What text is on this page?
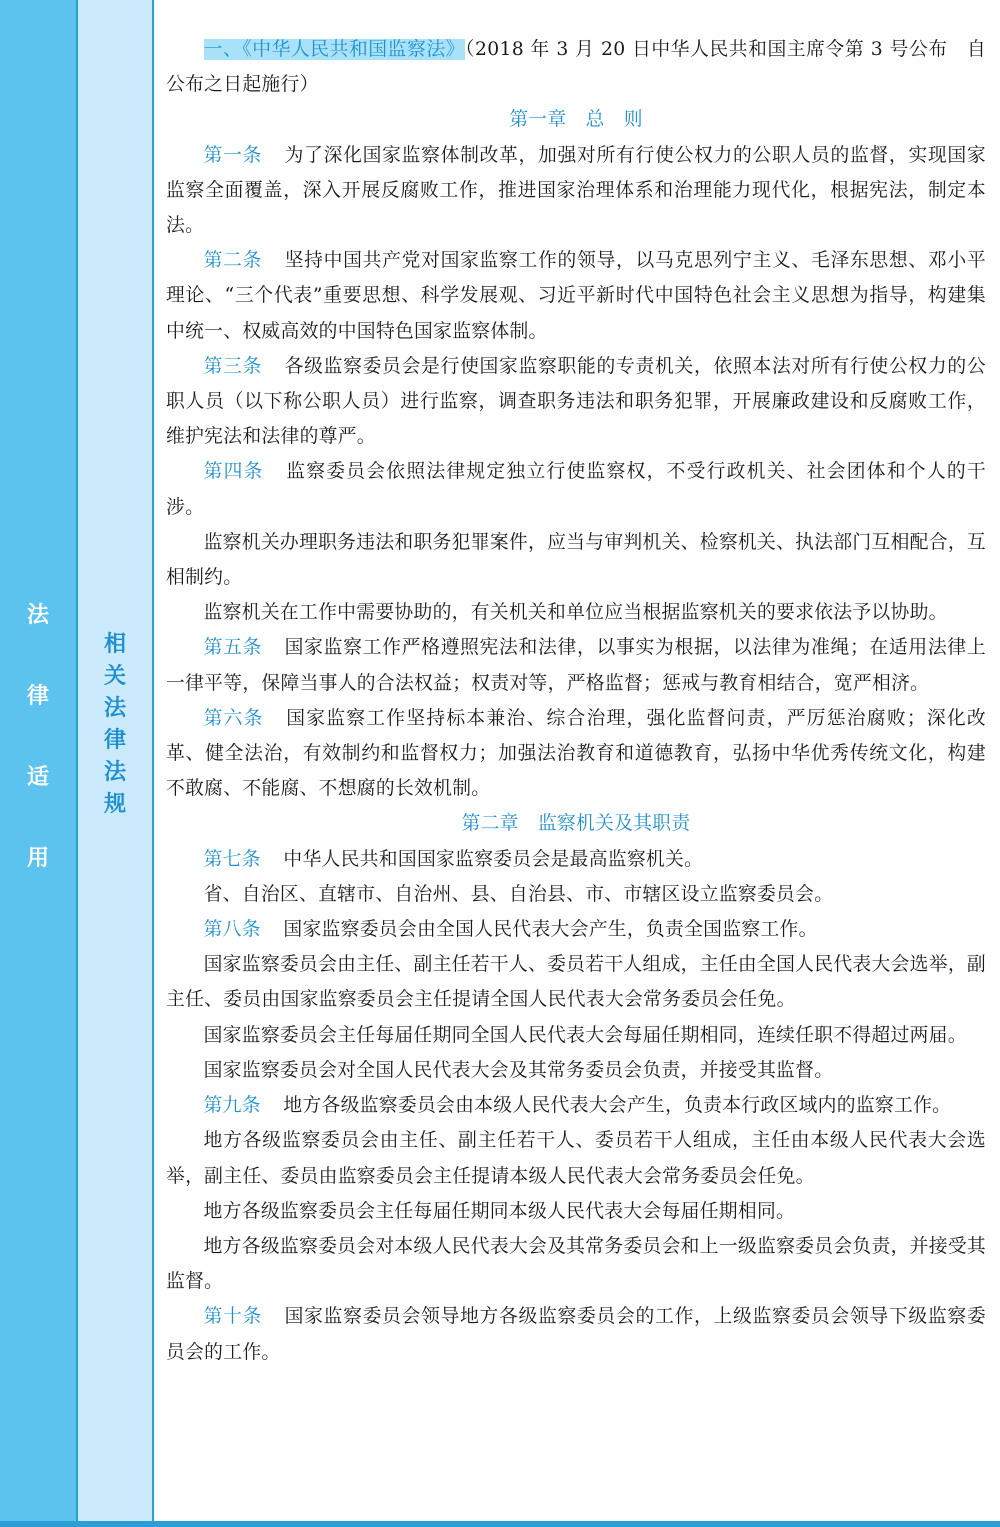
法
律
适
用
相
关
法
律
法
规

一、《中华人民共和国监察法》（2018 年 3 月 20 日中华人民共和国主席令第 3 号公布　自公布之日起施行）

第一章　总　则

第一条 为了深化国家监察体制改革，加强对所有行使公权力的公职人员的监督，实现国家监察全面覆盖，深入开展反腐败工作，推进国家治理体系和治理能力现代化，根据宪法，制定本法。

第二条 坚持中国共产党对国家监察工作的领导，以马克思列宁主义、毛泽东思想、邓小平理论、“三个代表”重要思想、科学发展观、习近平新时代中国特色社会主义思想为指导，构建集中统一、权威高效的中国特色国家监察体制。

第三条 各级监察委员会是行使国家监察职能的专责机关，依照本法对所有行使公权力的公职人员（以下称公职人员）进行监察，调查职务违法和职务犯罪，开展廉政建设和反腐败工作，维护宪法和法律的尊严。

第四条 监察委员会依照法律规定独立行使监察权，不受行政机关、社会团体和个人的干涉。

监察机关办理职务违法和职务犯罪案件，应当与审判机关、检察机关、执法部门互相配合，互相制约。

监察机关在工作中需要协助的，有关机关和单位应当根据监察机关的要求依法予以协助。

第五条 国家监察工作严格遵照宪法和法律，以事实为根据，以法律为准绳；在适用法律上一律平等，保障当事人的合法权益；权责对等，严格监督；惩戒与教育相结合，宽严相济。

第六条 国家监察工作坚持标本兼治、综合治理，强化监督问责，严厉惩治腐败；深化改革、健全法治，有效制约和监督权力；加强法治教育和道德教育，弘扬中华优秀传统文化，构建不敢腐、不能腐、不想腐的长效机制。

第二章　监察机关及其职责

第七条 中华人民共和国国家监察委员会是最高监察机关。

省、自治区、直辖市、自治州、县、自治县、市、市辖区设立监察委员会。

第八条 国家监察委员会由全国人民代表大会产生，负责全国监察工作。

国家监察委员会由主任、副主任若干人、委员若干人组成，主任由全国人民代表大会选举，副主任、委员由国家监察委员会主任提请全国人民代表大会常务委员会任免。

国家监察委员会主任每届任期同全国人民代表大会每届任期相同，连续任职不得超过两届。

国家监察委员会对全国人民代表大会及其常务委员会负责，并接受其监督。

第九条 地方各级监察委员会由本级人民代表大会产生，负责本行政区域内的监察工作。

地方各级监察委员会由主任、副主任若干人、委员若干人组成，主任由本级人民代表大会选举，副主任、委员由监察委员会主任提请本级人民代表大会常务委员会任免。

地方各级监察委员会主任每届任期同本级人民代表大会每届任期相同。

地方各级监察委员会对本级人民代表大会及其常务委员会和上一级监察委员会负责，并接受其监督。

第十条 国家监察委员会领导地方各级监察委员会的工作，上级监察委员会领导下级监察委员会的工作。
